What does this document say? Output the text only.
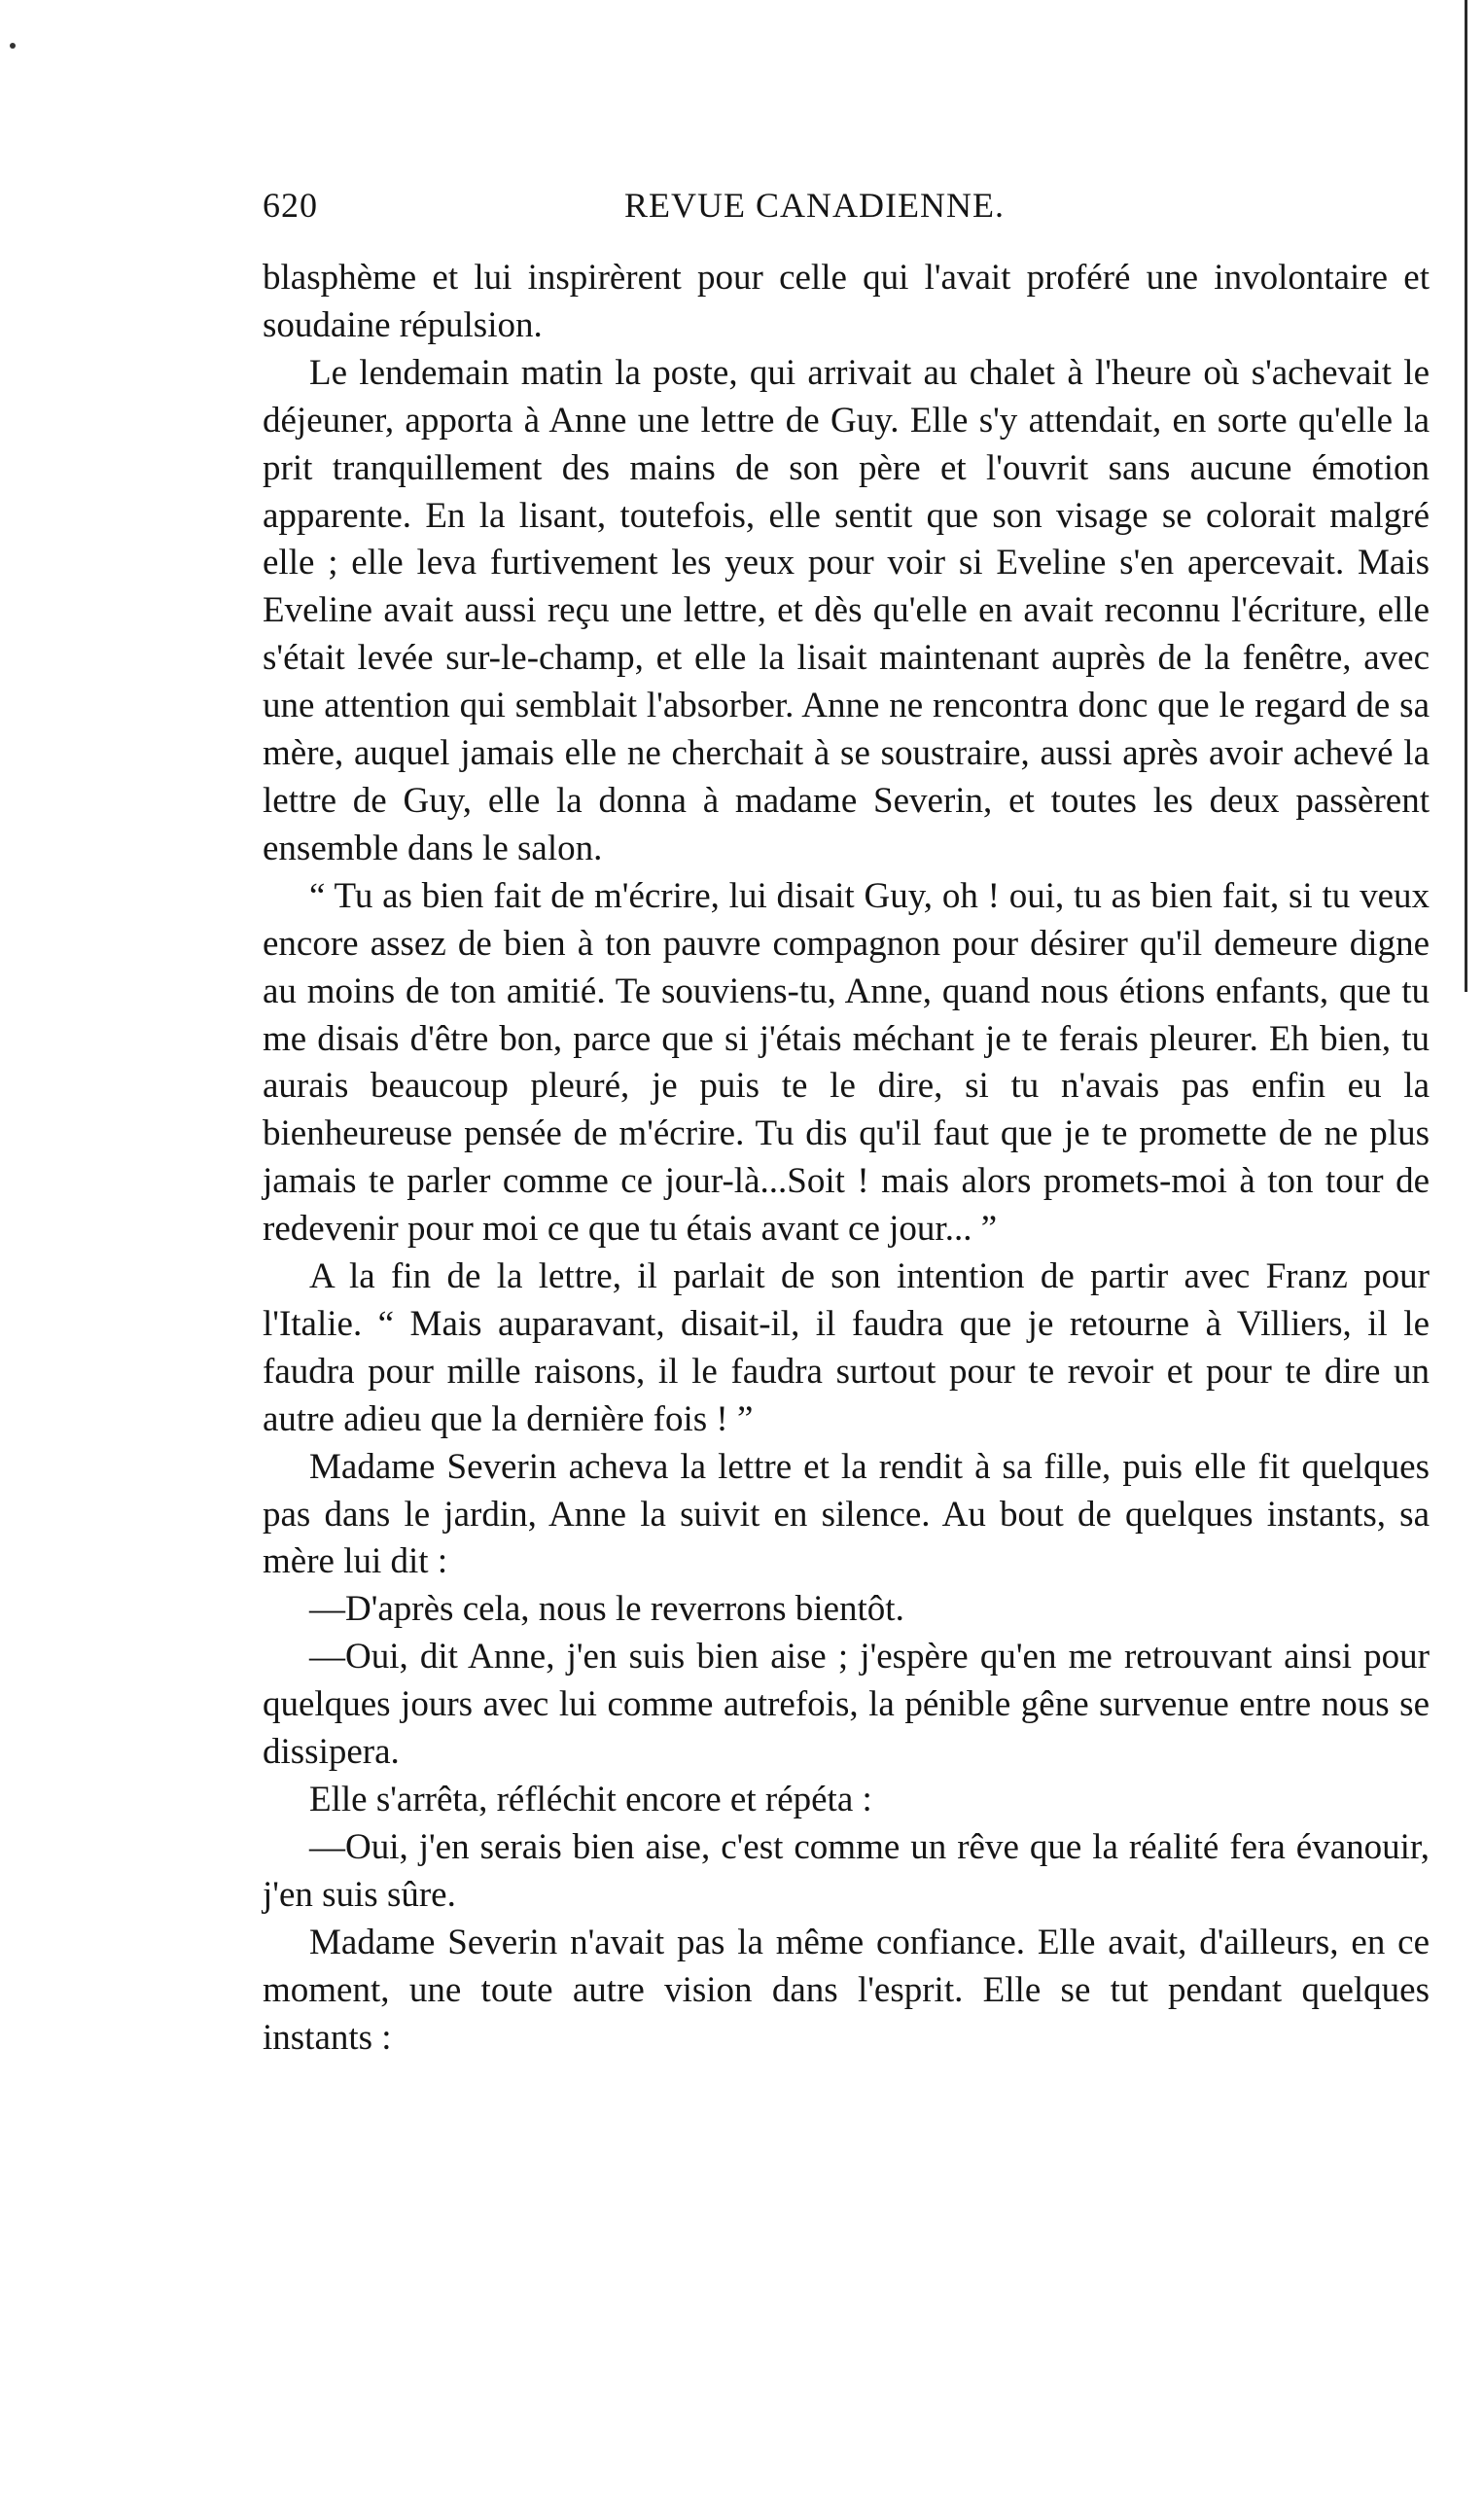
620	REVUE CANADIENNE.

blasphème et lui inspirèrent pour celle qui l'avait proféré une involontaire et soudaine répulsion.

Le lendemain matin la poste, qui arrivait au chalet à l'heure où s'achevait le déjeuner, apporta à Anne une lettre de Guy. Elle s'y attendait, en sorte qu'elle la prit tranquillement des mains de son père et l'ouvrit sans aucune émotion apparente. En la lisant, toutefois, elle sentit que son visage se colorait malgré elle ; elle leva furtivement les yeux pour voir si Eveline s'en apercevait. Mais Eveline avait aussi reçu une lettre, et dès qu'elle en avait reconnu l'écriture, elle s'était levée sur-le-champ, et elle la lisait maintenant auprès de la fenêtre, avec une attention qui semblait l'absorber. Anne ne rencontra donc que le regard de sa mère, auquel jamais elle ne cherchait à se soustraire, aussi après avoir achevé la lettre de Guy, elle la donna à madame Severin, et toutes les deux passèrent ensemble dans le salon.

“ Tu as bien fait de m'écrire, lui disait Guy, oh ! oui, tu as bien fait, si tu veux encore assez de bien à ton pauvre compagnon pour désirer qu'il demeure digne au moins de ton amitié. Te souviens-tu, Anne, quand nous étions enfants, que tu me disais d'être bon, parce que si j'étais méchant je te ferais pleurer. Eh bien, tu aurais beaucoup pleuré, je puis te le dire, si tu n'avais pas enfin eu la bienheureuse pensée de m'écrire. Tu dis qu'il faut que je te promette de ne plus jamais te parler comme ce jour-là...Soit ! mais alors promets-moi à ton tour de redevenir pour moi ce que tu étais avant ce jour... ”

A la fin de la lettre, il parlait de son intention de partir avec Franz pour l'Italie. “ Mais auparavant, disait-il, il faudra que je retourne à Villiers, il le faudra pour mille raisons, il le faudra surtout pour te revoir et pour te dire un autre adieu que la dernière fois ! ”

Madame Severin acheva la lettre et la rendit à sa fille, puis elle fit quelques pas dans le jardin, Anne la suivit en silence. Au bout de quelques instants, sa mère lui dit :

—D'après cela, nous le reverrons bientôt.

—Oui, dit Anne, j'en suis bien aise ; j'espère qu'en me retrouvant ainsi pour quelques jours avec lui comme autrefois, la pénible gêne survenue entre nous se dissipera.

Elle s'arrêta, réfléchit encore et répéta :

—Oui, j'en serais bien aise, c'est comme un rêve que la réalité fera évanouir, j'en suis sûre.

Madame Severin n'avait pas la même confiance. Elle avait, d'ailleurs, en ce moment, une toute autre vision dans l'esprit. Elle se tut pendant quelques instants :
